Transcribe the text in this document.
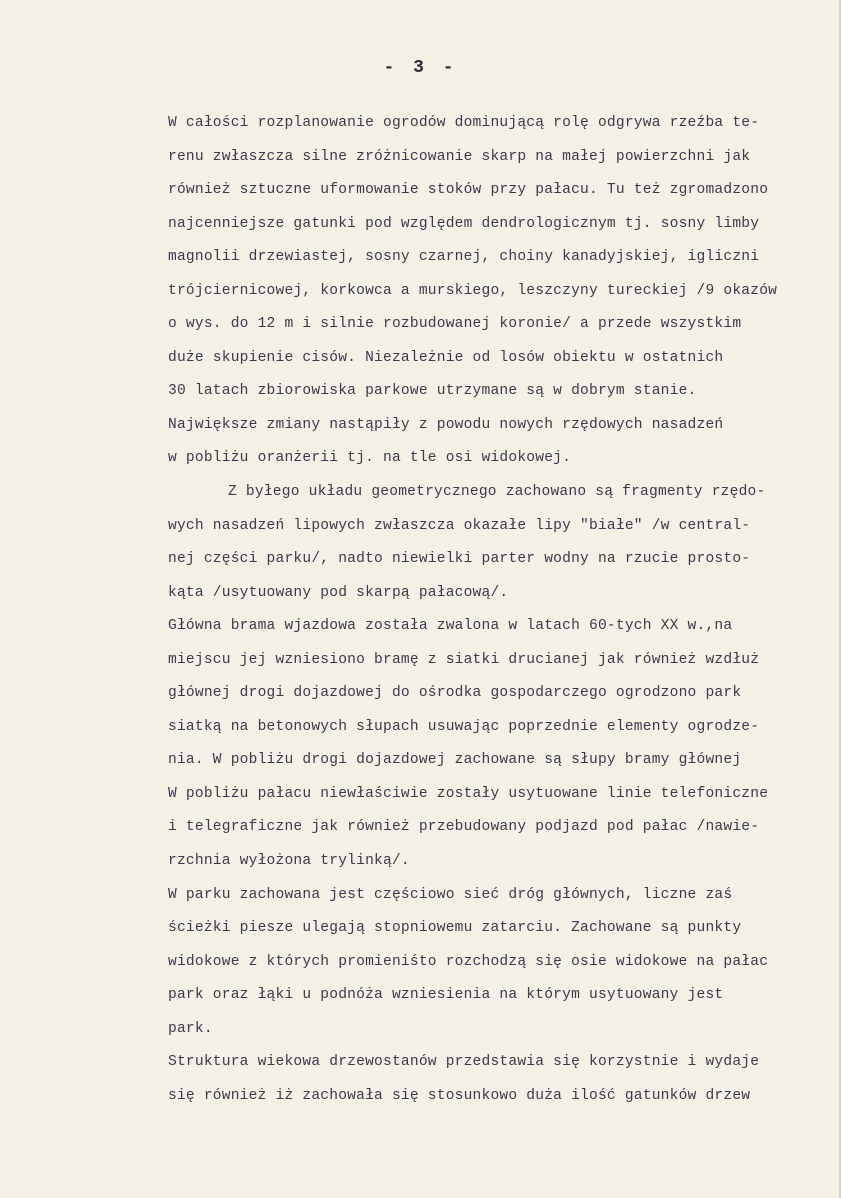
- 3 -
W całości rozplanowanie ogrodów dominującą rolę odgrywa rzeźba te-
renu zwłaszcza silne zróżnicowanie skarp na małej powierzchni jak
również sztuczne uformowanie stoków przy pałacu. Tu też zgromadzono
najcenniejsze gatunki pod względem dendrologicznym tj. sosny limby
magnolii drzewiastej, sosny czarnej, choiny kanadyjskiej, iglicznі
trójciernicowej, korkowca a murskiego, leszczyny tureckiej /9 okazów
o wys. do 12 m i silnie rozbudowanej koronie/ a przede wszystkim
duże skupienie cisów. Niezależnie od losów obiektu w ostatnich
30 latach zbiorowiska parkowe utrzymane są w dobrym stanie.
Największe zmiany nastąpiły z powodu nowych rzędowych nasadzeń
w pobliżu oranżerii tj. na tle osi widokowej.
Z byłego układu geometrycznego zachowano są fragmenty rzędo-
wych nasadzeń lipowych zwłaszcza okazałe lipy "białe" /w central-
nej części parku/, nadto niewielki parter wodny na rzucie prosto-
kąta /usytuowany pod skarpą pałacową/.
Główna brama wjazdowa została zwalona w latach 60-tych XX w.,na
miejscu jej wzniesiono bramę z siatki drucianej jak również wzdłuż
głównej drogi dojazdowej do ośrodka gospodarczego ogrodzono park
siatką na betonowych słupach usuwając poprzednie elementy ogrodze-
nia. W pobliżu drogi dojazdowej zachowane są słupy bramy głównej
W pobliżu pałacu niewłaściwie zostały usytuowane linie telefoniczne
i telegraficzne jak również przebudowany podjazd pod pałac /nawie-
rzchnia wyłożona trylinką/.
W parku zachowana jest częściowo sieć dróg głównych, liczne zaś
ścieżki piesze ulegają stopniowemu zatarciu. Zachowane są punkty
widokowe z których promieniśto rozchodzą się osie widokowe na pałac
park oraz łąki u podnóża wzniesienia na którym usytuowany jest
park.
Struktura wiekowa drzewostanów przedstawia się korzystnie i wydaje
się również iż zachowała się stosunkowo duża ilość gatunków drzew
